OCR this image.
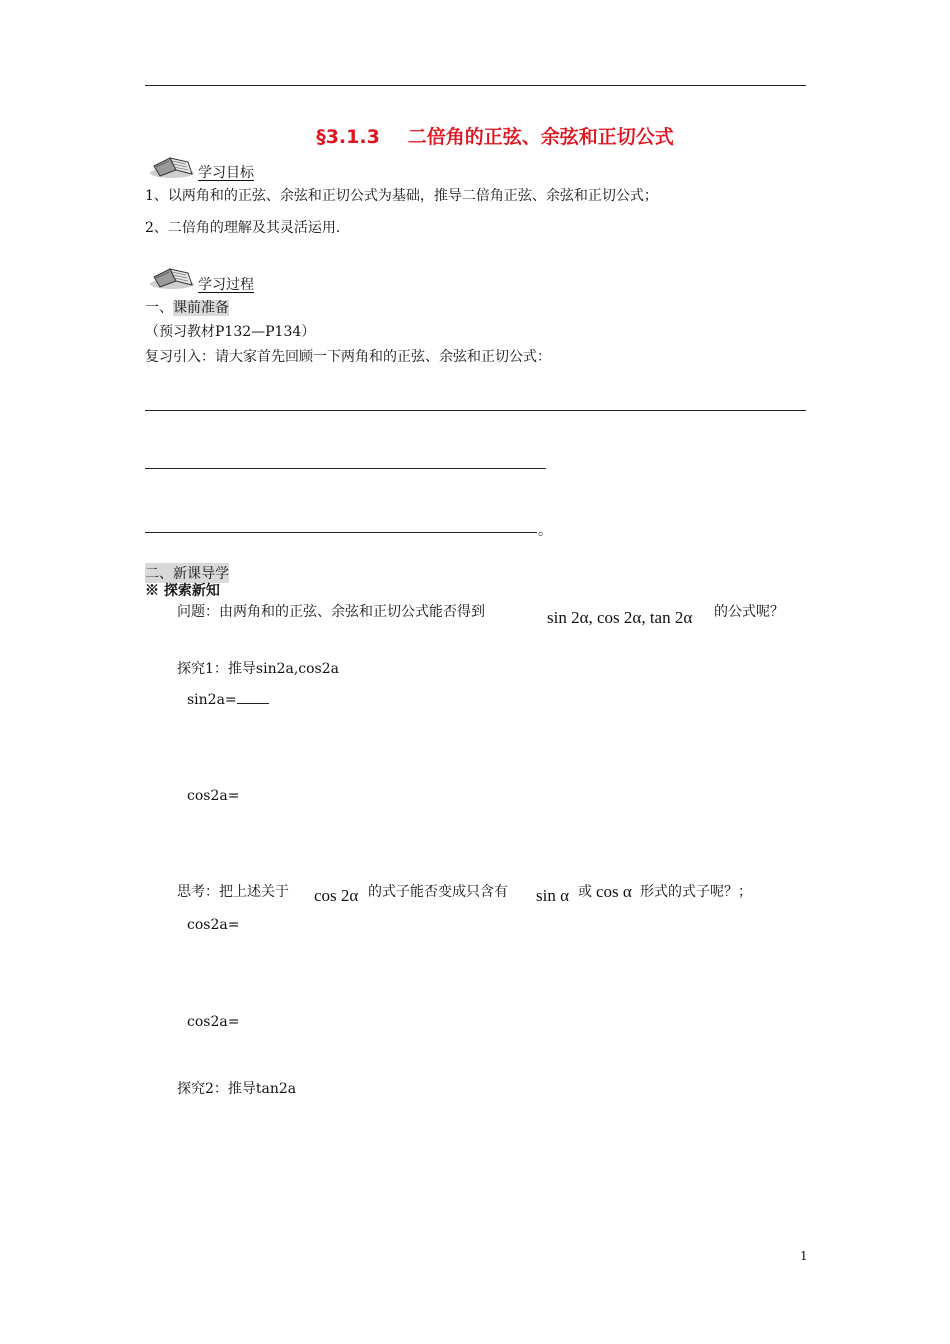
§3.1.3 二倍角的正弦、余弦和正切公式
学习目标
1、以两角和的正弦、余弦和正切公式为基础，推导二倍角正弦、余弦和正切公式；
2、二倍角的理解及其灵活运用.
学习过程
一、课前准备
（预习教材P132—P134）
复习引入：请大家首先回顾一下两角和的正弦、余弦和正切公式：
。
二、新课导学
※ 探索新知
问题：由两角和的正弦、余弦和正切公式能否得到	sin 2α, cos 2α, tan 2α 的公式呢？
探究1：推导sin2a,cos2a
sin2a=
cos2a=
思考：把上述关于 cos 2α 的式子能否变成只含有 sin α 或 cos α 形式的式子呢？；
cos2a=
cos2a=
探究2：推导tan2a
1
